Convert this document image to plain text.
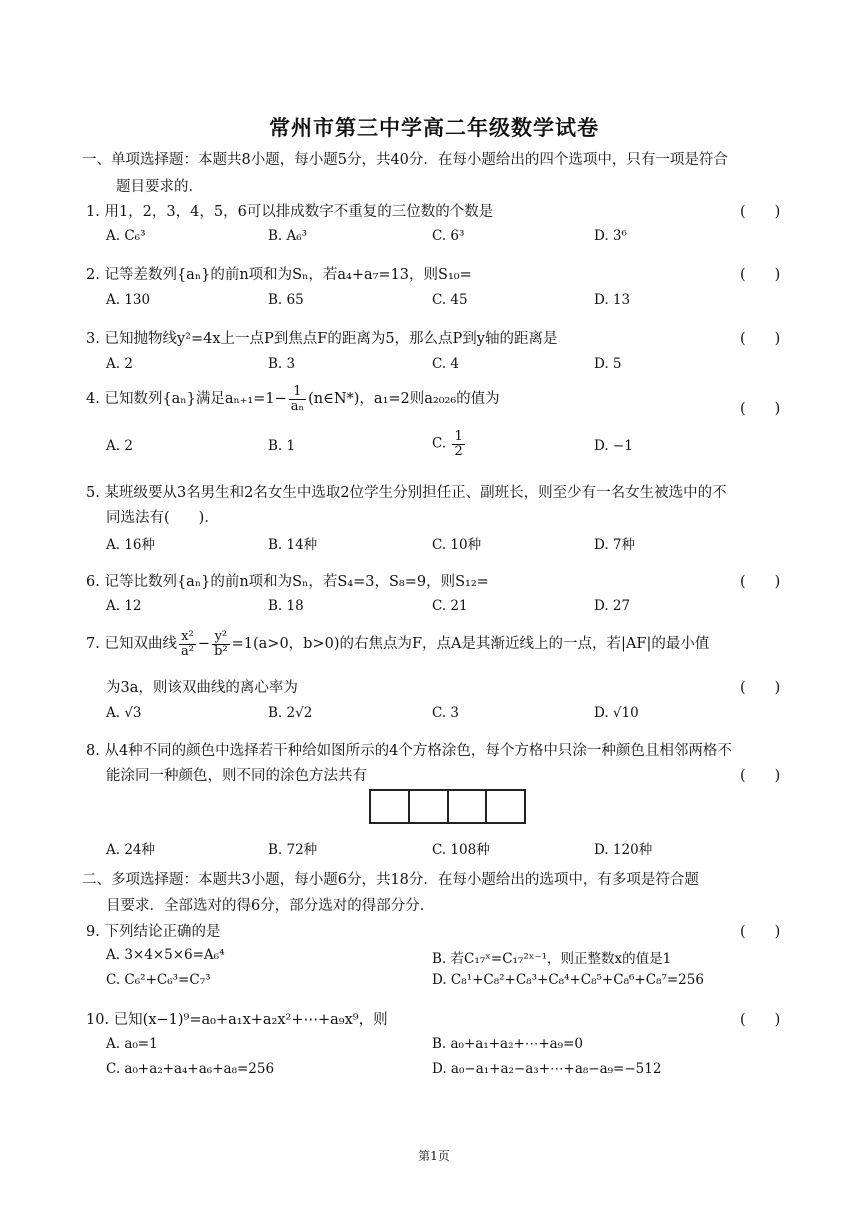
常州市第三中学高二年级数学试卷
一、单项选择题：本题共8小题，每小题5分，共40分．在每小题给出的四个选项中，只有一项是符合
题目要求的．
1. 用1，2，3，4，5，6可以排成数字不重复的三位数的个数是	(　　)
A. C₆³	B. A₆³	C. 6³	D. 3⁶
2. 记等差数列{aₙ}的前n项和为Sₙ，若a₄+a₇=13，则S₁₀=	(　　)
A. 130	B. 65	C. 45	D. 13
3. 已知抛物线y²=4x上一点P到焦点F的距离为5，那么点P到y轴的距离是	(　　)
A. 2	B. 3	C. 4	D. 5
4. 已知数列{aₙ}满足$a_{n+1}=1- \frac{1}{\text{aₙ}}$ (n∈N*)，a₁=2则a₂₀₂₆的值为
(　　)
A. 2	B. 1	C. $\frac{1}{2}$	D. −1
5. 某班级要从3名男生和2名女生中选取2位学生分别担任正、副班长，则至少有一名女生被选中的不
同选法有(　　)．
A. 16种	B. 14种	C. 10种	D. 7种
6. 记等比数列{aₙ}的前n项和为Sₙ，若S₄=3，S₈=9，则S₁₂=	(　　)
A. 12	B. 18	C. 21	D. 27
7. 已知双曲线 $\frac{\text{x²}}{\text{a²}} - \frac{\text{y²}}{\text{b²}} =1(a>0$，b>0)的右焦点为F，点A是其渐近线上的一点，若|AF|的最小值
为3a，则该双曲线的离心率为	(　　)
A. √3	B. 2√2	C. 3	D. √10
8. 从4种不同的颜色中选择若干种给如图所示的4个方格涂色，每个方格中只涂一种颜色且相邻两格不
能涂同一种颜色，则不同的涂色方法共有	(　　)
A. 24种	B. 72种	C. 108种	D. 120种
二、多项选择题：本题共3小题，每小题6分，共18分．在每小题给出的选项中，有多项是符合题
目要求．全部选对的得6分，部分选对的得部分分．
9. 下列结论正确的是	(　　)
A. 3×4×5×6=A₆⁴	B. 若C₁₇ˣ=C₁₇²ˣ⁻¹，则正整数x的值是1
C. C₆²+C₆³=C₇³	D. C₈¹+C₈²+C₈³+C₈⁴+C₈⁵+C₈⁶+C₈⁷=256
10. 已知(x−1)⁹=a₀+a₁x+a₂x²+⋯+a₉x⁹，则	(　　)
A. a₀=1	B. a₀+a₁+a₂+⋯+a₉=0
C. a₀+a₂+a₄+a₆+a₈=256	D. a₀−a₁+a₂−a₃+⋯+a₈−a₉=−512
第1页
